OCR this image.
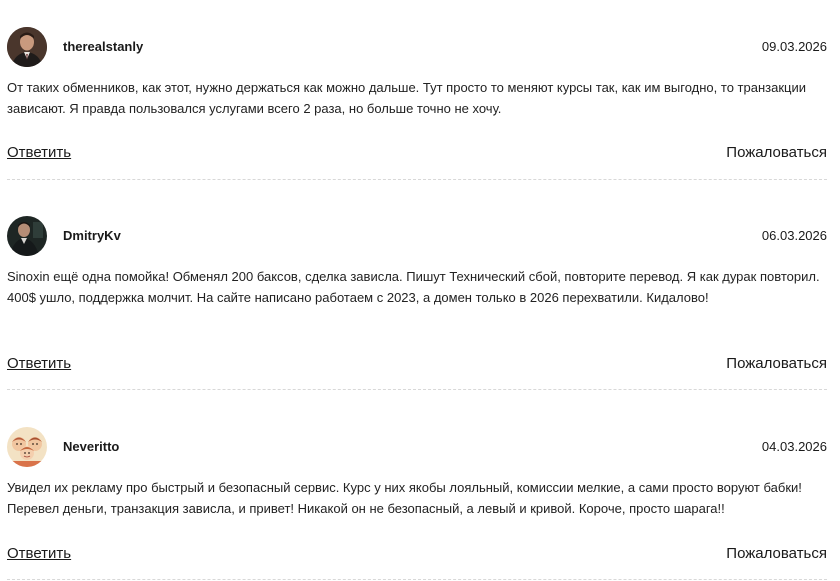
therealstanly	09.03.2026
От таких обменников, как этот, нужно держаться как можно дальше. Тут просто то меняют курсы так, как им выгодно, то транзакции зависают. Я правда пользовался услугами всего 2 раза, но больше точно не хочу.
Ответить	Пожаловаться
DmitryKv	06.03.2026
Sinoxin ещё одна помойка! Обменял 200 баксов, сделка зависла. Пишут Технический сбой, повторите перевод. Я как дурак повторил. 400$ ушло, поддержка молчит. На сайте написано работаем с 2023, а домен только в 2026 перехватили. Кидалово!
Ответить	Пожаловаться
Neveritto	04.03.2026
Увидел их рекламу про быстрый и безопасный сервис. Курс у них якобы лояльный, комиссии мелкие, а сами просто воруют бабки! Перевел деньги, транзакция зависла, и привет! Никакой он не безопасный, а левый и кривой. Короче, просто шарага!!
Ответить	Пожаловаться
